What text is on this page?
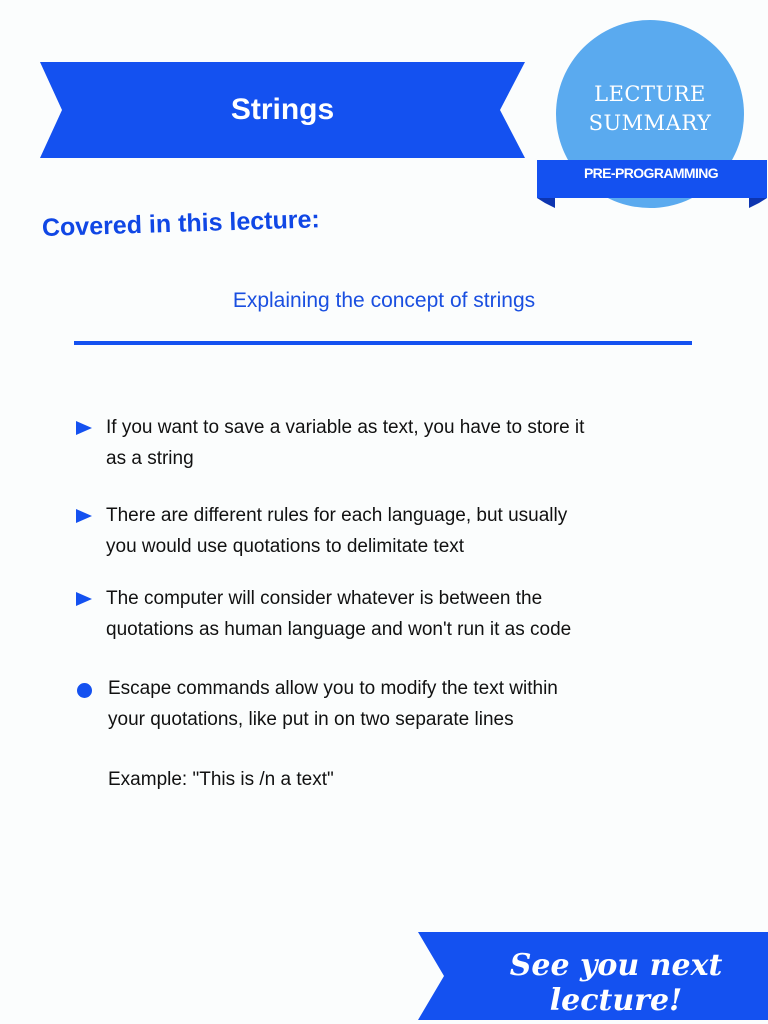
Strings	LECTURE
SUMMARY
PRE-PROGRAMMING
Covered in this lecture:
Explaining the concept of strings
If you want to save a variable as text, you have to store it
as a string
There are different rules for each language, but usually
you would use quotations to delimitate text
The computer will consider whatever is between the
quotations as human language and won't run it as code
Escape commands allow you to modify the text within
your quotations, like put in on two separate lines
Example: "This is /n a text"
See you next lecture!
